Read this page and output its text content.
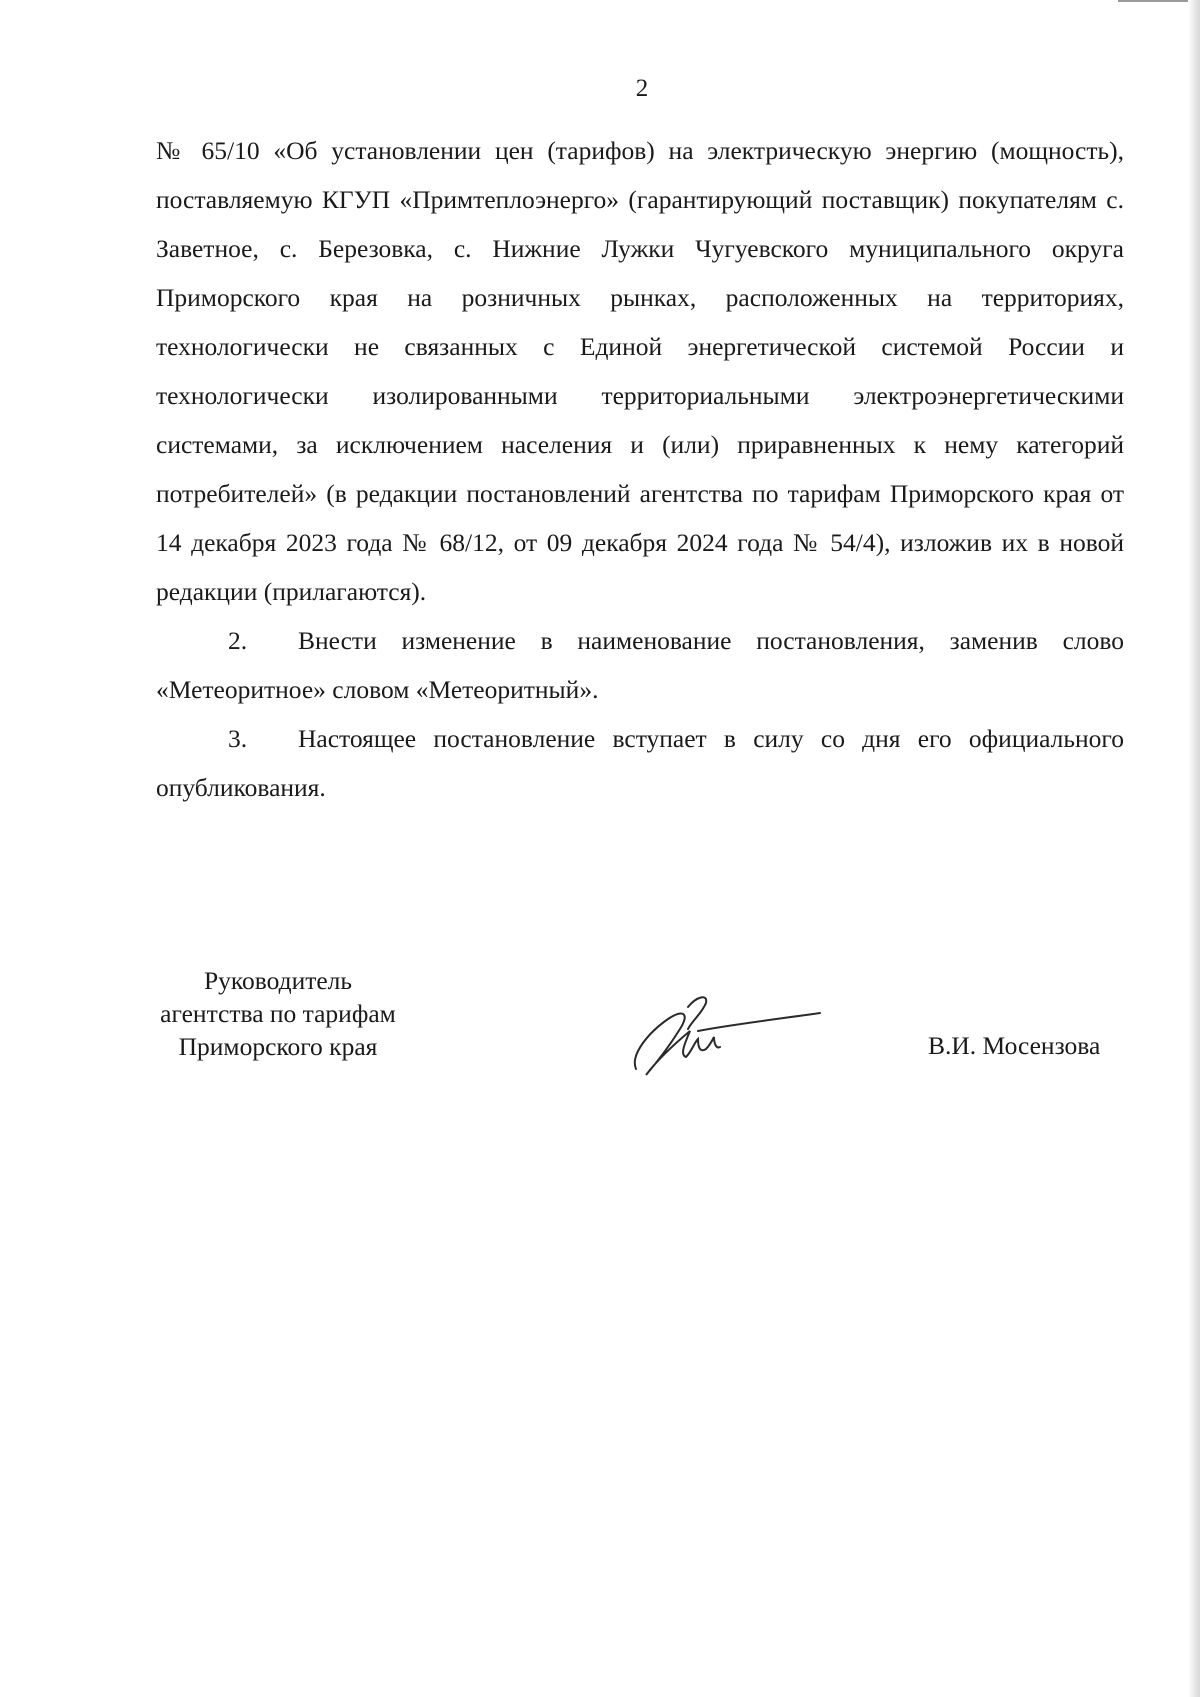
2

№ 65/10 «Об установлении цен (тарифов) на электрическую энергию (мощность), поставляемую КГУП «Примтеплоэнерго» (гарантирующий поставщик) покупателям с. Заветное, с. Березовка, с. Нижние Лужки Чугуевского муниципального округа Приморского края на розничных рынках, расположенных на территориях, технологически не связанных с Единой энергетической системой России и технологически изолированными территориальными электроэнергетическими системами, за исключением населения и (или) приравненных к нему категорий потребителей» (в редакции постановлений агентства по тарифам Приморского края от 14 декабря 2023 года № 68/12, от 09 декабря 2024 года № 54/4), изложив их в новой редакции (прилагаются).

2. Внести изменение в наименование постановления, заменив слово «Метеоритное» словом «Метеоритный».

3. Настоящее постановление вступает в силу со дня его официального опубликования.

Руководитель
агентства по тарифам
Приморского края	В.И. Мосензова
